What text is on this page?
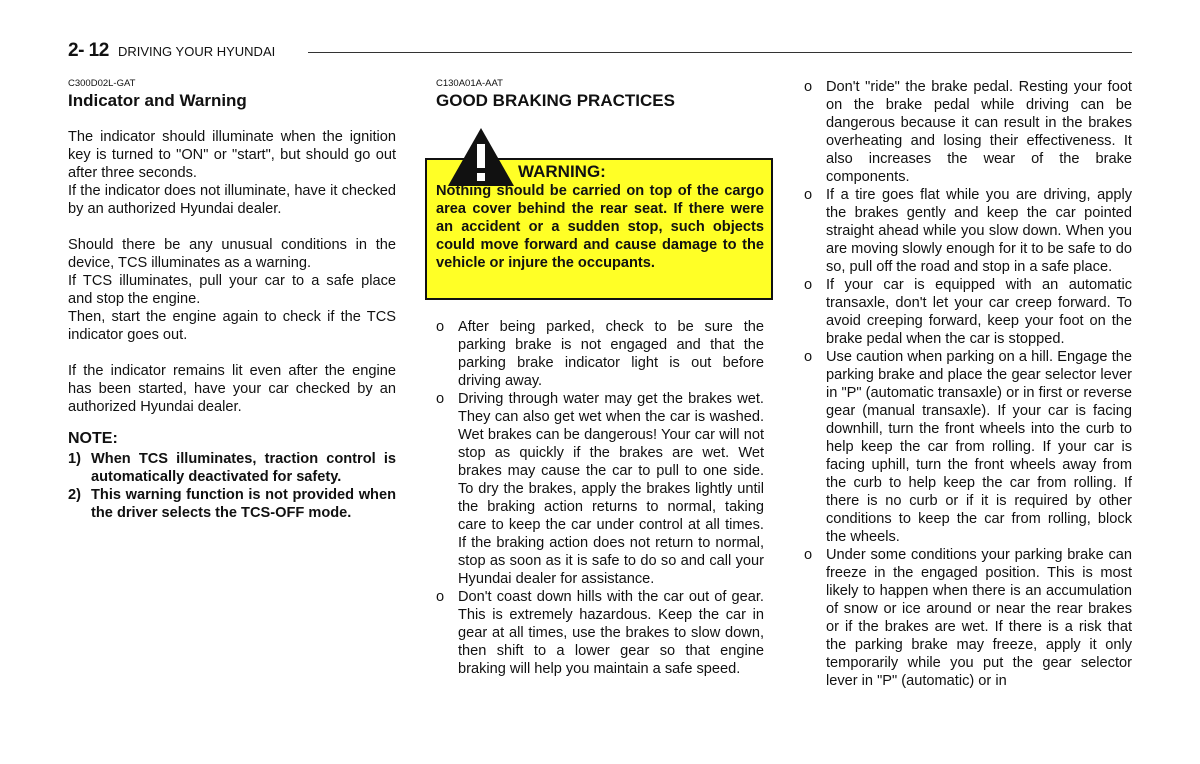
2- 12 DRIVING YOUR HYUNDAI
C300D02L-GAT
Indicator and Warning

The indicator should illuminate when the ignition key is turned to "ON" or "start", but should go out after three seconds.

If the indicator does not illuminate, have it checked by an authorized Hyundai dealer.

Should there be any unusual conditions in the device, TCS illuminates as a warning.

If TCS illuminates, pull your car to a safe place and stop the engine.

Then, start the engine again to check if the TCS indicator goes out.

If the indicator remains lit even after the engine has been started, have your car checked by an authorized Hyundai dealer.

NOTE:
1) When TCS illuminates, traction control is automatically deactivated for safety.
2) This warning function is not provided when the driver selects the TCS-OFF mode.
C130A01A-AAT
GOOD BRAKING PRACTICES
WARNING:
Nothing should be carried on top of the cargo area cover behind the rear seat. If there were an accident or a sudden stop, such objects could move forward and cause damage to the vehicle or injure the occupants.
o After being parked, check to be sure the parking brake is not engaged and that the parking brake indicator light is out before driving away.
o Driving through water may get the brakes wet. They can also get wet when the car is washed. Wet brakes can be dangerous! Your car will not stop as quickly if the brakes are wet. Wet brakes may cause the car to pull to one side. To dry the brakes, apply the brakes lightly until the braking action returns to normal, taking care to keep the car under control at all times. If the braking action does not return to normal, stop as soon as it is safe to do so and call your Hyundai dealer for assistance.
o Don't coast down hills with the car out of gear. This is extremely hazardous. Keep the car in gear at all times, use the brakes to slow down, then shift to a lower gear so that engine braking will help you maintain a safe speed.
o Don't "ride" the brake pedal. Resting your foot on the brake pedal while driving can be dangerous because it can result in the brakes overheating and losing their effectiveness. It also increases the wear of the brake components.
o If a tire goes flat while you are driving, apply the brakes gently and keep the car pointed straight ahead while you slow down. When you are moving slowly enough for it to be safe to do so, pull off the road and stop in a safe place.
o If your car is equipped with an automatic transaxle, don't let your car creep forward. To avoid creeping forward, keep your foot on the brake pedal when the car is stopped.
o Use caution when parking on a hill. Engage the parking brake and place the gear selector lever in "P" (automatic transaxle) or in first or reverse gear (manual transaxle). If your car is facing downhill, turn the front wheels into the curb to help keep the car from rolling. If your car is facing uphill, turn the front wheels away from the curb to help keep the car from rolling. If there is no curb or if it is required by other conditions to keep the car from rolling, block the wheels.
o Under some conditions your parking brake can freeze in the engaged position. This is most likely to happen when there is an accumulation of snow or ice around or near the rear brakes or if the brakes are wet. If there is a risk that the parking brake may freeze, apply it only temporarily while you put the gear selector lever in "P" (automatic) or in
